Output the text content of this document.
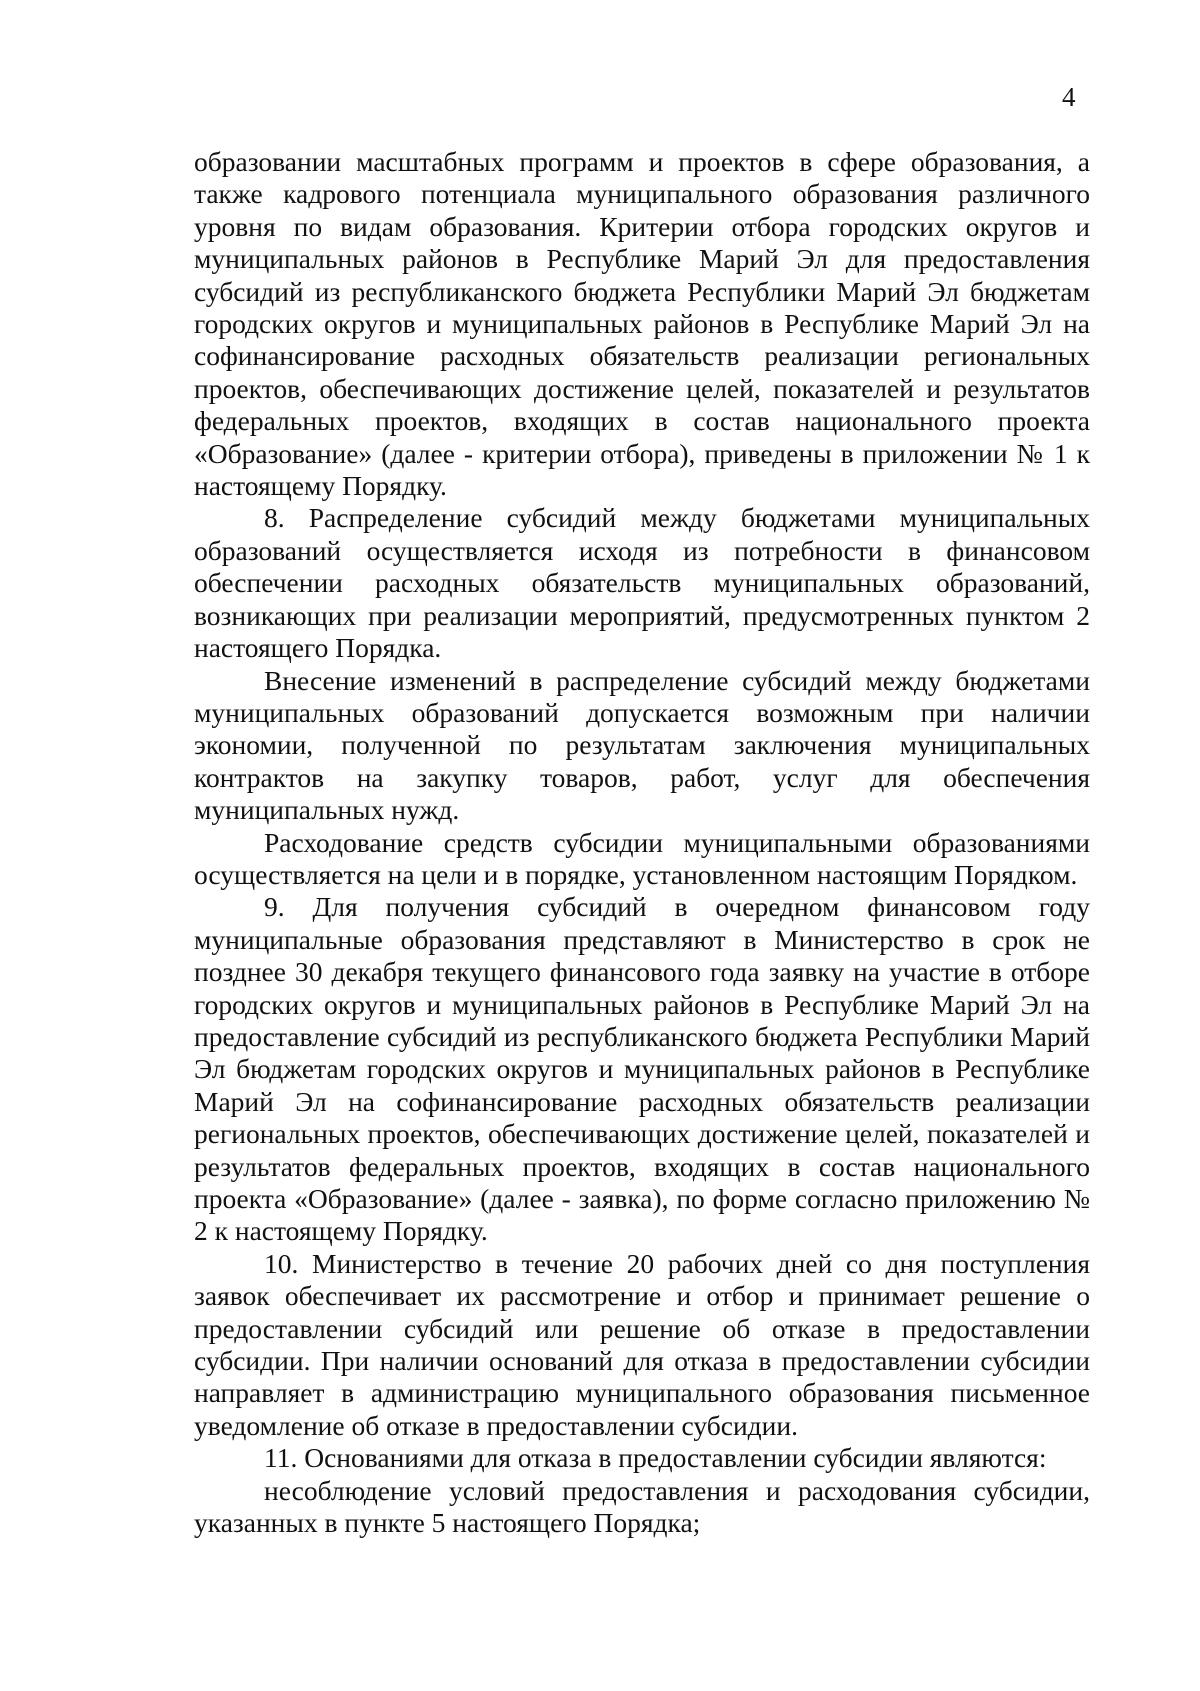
4

образовании масштабных программ и проектов в сфере образования, а также кадрового потенциала муниципального образования различного уровня по видам образования. Критерии отбора городских округов и муниципальных районов в Республике Марий Эл для предоставления субсидий из республиканского бюджета Республики Марий Эл бюджетам городских округов и муниципальных районов в Республике Марий Эл на софинансирование расходных обязательств реализации региональных проектов, обеспечивающих достижение целей, показателей и результатов федеральных проектов, входящих в состав национального проекта «Образование» (далее - критерии отбора), приведены в приложении № 1 к настоящему Порядку.

8. Распределение субсидий между бюджетами муниципальных образований осуществляется исходя из потребности в финансовом обеспечении расходных обязательств муниципальных образований, возникающих при реализации мероприятий, предусмотренных пунктом 2 настоящего Порядка.

Внесение изменений в распределение субсидий между бюджетами муниципальных образований допускается возможным при наличии экономии, полученной по результатам заключения муниципальных контрактов на закупку товаров, работ, услуг для обеспечения муниципальных нужд.

Расходование средств субсидии муниципальными образованиями осуществляется на цели и в порядке, установленном настоящим Порядком.

9. Для получения субсидий в очередном финансовом году муниципальные образования представляют в Министерство в срок не позднее 30 декабря текущего финансового года заявку на участие в отборе городских округов и муниципальных районов в Республике Марий Эл на предоставление субсидий из республиканского бюджета Республики Марий Эл бюджетам городских округов и муниципальных районов в Республике Марий Эл на софинансирование расходных обязательств реализации региональных проектов, обеспечивающих достижение целей, показателей и результатов федеральных проектов, входящих в состав национального проекта «Образование» (далее - заявка), по форме согласно приложению № 2 к настоящему Порядку.

10. Министерство в течение 20 рабочих дней со дня поступления заявок обеспечивает их рассмотрение и отбор и принимает решение о предоставлении субсидий или решение об отказе в предоставлении субсидии. При наличии оснований для отказа в предоставлении субсидии направляет в администрацию муниципального образования письменное уведомление об отказе в предоставлении субсидии.

11. Основаниями для отказа в предоставлении субсидии являются:

несоблюдение условий предоставления и расходования субсидии, указанных в пункте 5 настоящего Порядка;
